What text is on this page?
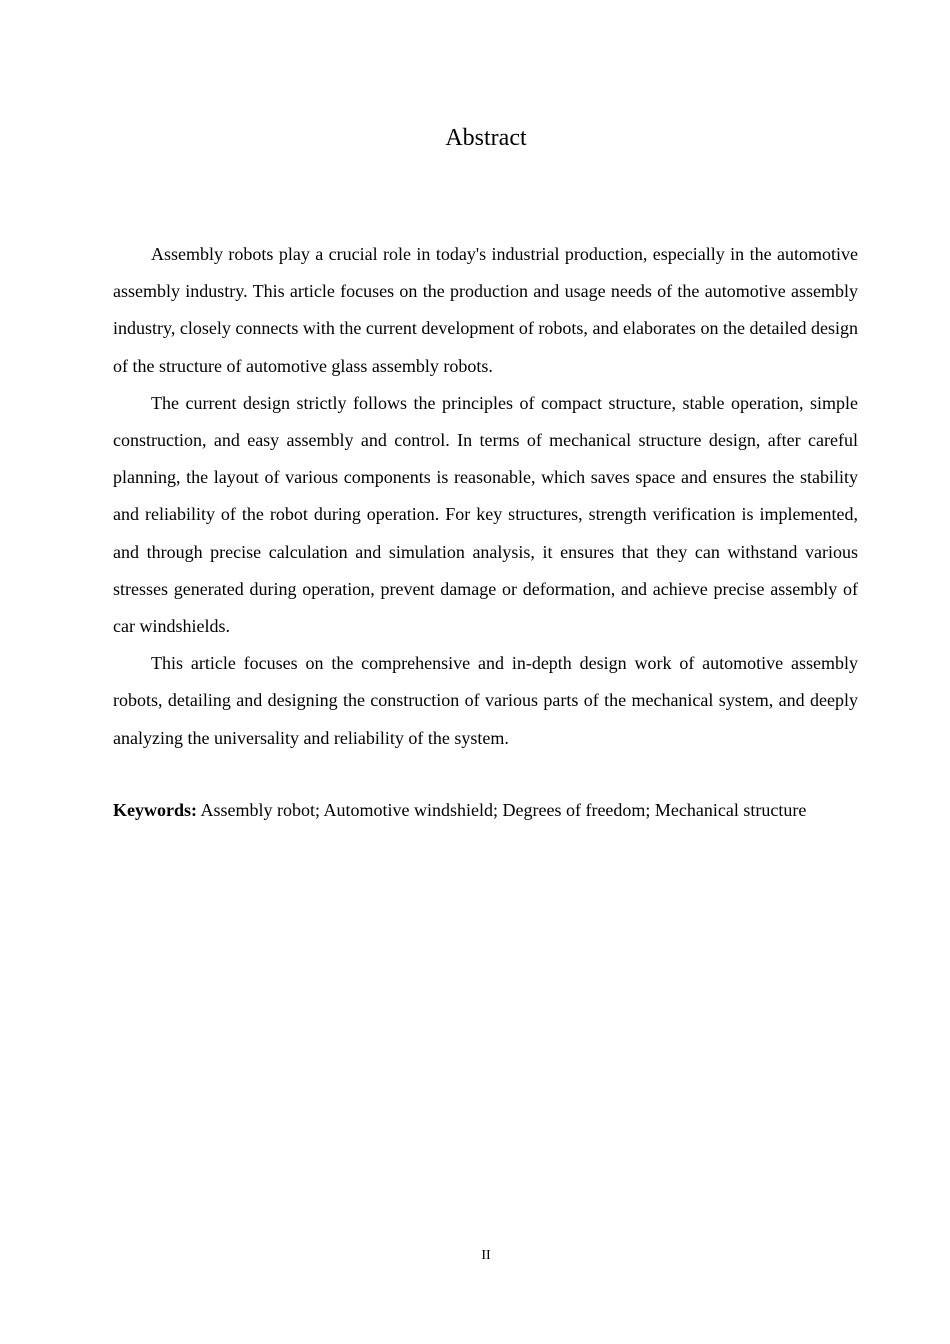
Abstract

Assembly robots play a crucial role in today's industrial production, especially in the automotive assembly industry. This article focuses on the production and usage needs of the automotive assembly industry, closely connects with the current development of robots, and elaborates on the detailed design of the structure of automotive glass assembly robots.

The current design strictly follows the principles of compact structure, stable operation, simple construction, and easy assembly and control. In terms of mechanical structure design, after careful planning, the layout of various components is reasonable, which saves space and ensures the stability and reliability of the robot during operation. For key structures, strength verification is implemented, and through precise calculation and simulation analysis, it ensures that they can withstand various stresses generated during operation, prevent damage or deformation, and achieve precise assembly of car windshields.

This article focuses on the comprehensive and in-depth design work of automotive assembly robots, detailing and designing the construction of various parts of the mechanical system, and deeply analyzing the universality and reliability of the system.

Keywords: Assembly robot; Automotive windshield; Degrees of freedom; Mechanical structure

II
